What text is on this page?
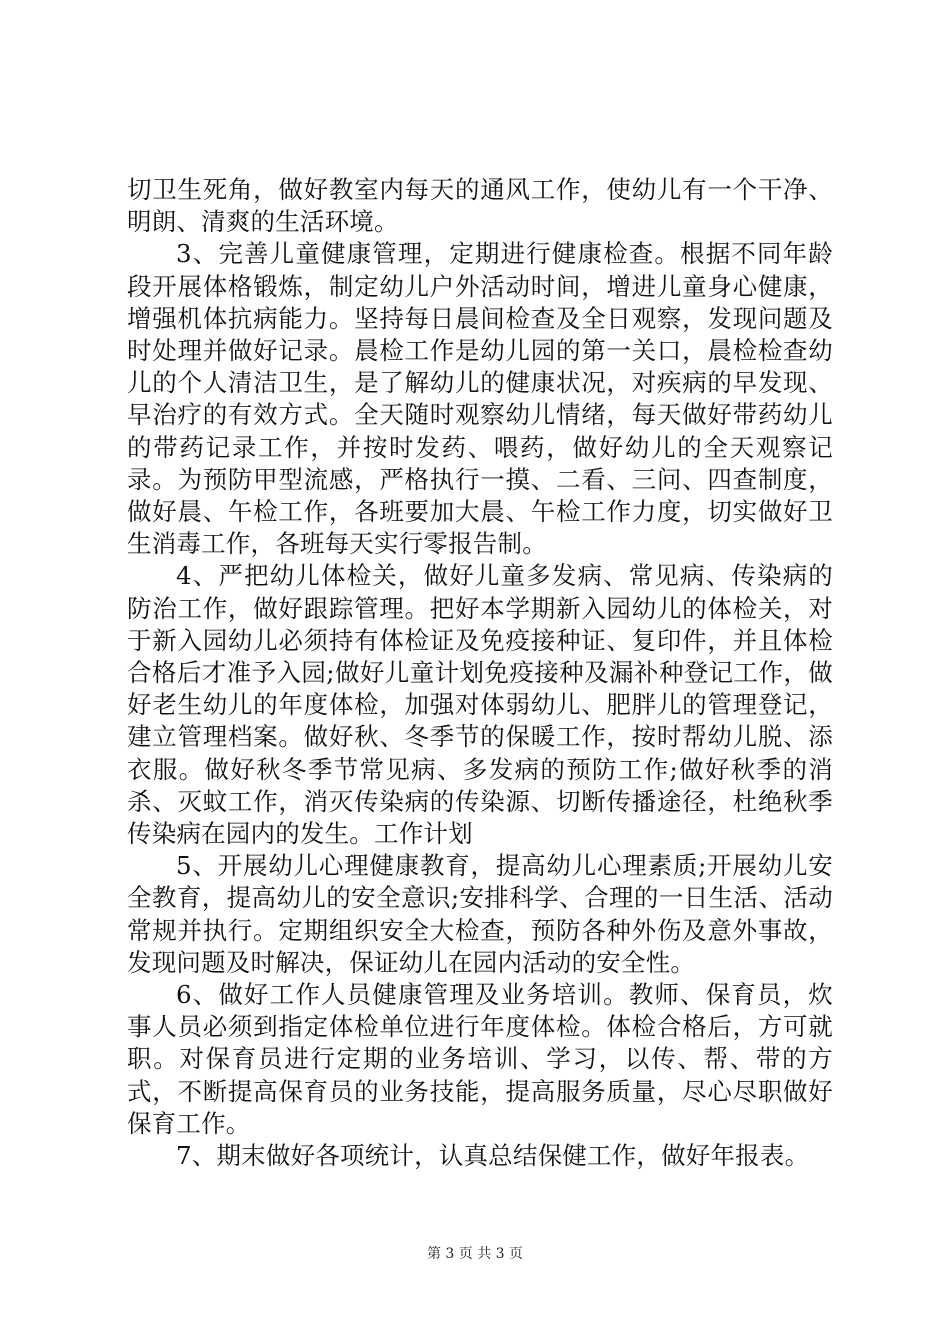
切卫生死角，做好教室内每天的通风工作，使幼儿有一个干净、明朗、清爽的生活环境。

3、完善儿童健康管理，定期进行健康检查。根据不同年龄段开展体格锻炼，制定幼儿户外活动时间，增进儿童身心健康，增强机体抗病能力。坚持每日晨间检查及全日观察，发现问题及时处理并做好记录。晨检工作是幼儿园的第一关口，晨检检查幼儿的个人清洁卫生，是了解幼儿的健康状况，对疾病的早发现、早治疗的有效方式。全天随时观察幼儿情绪，每天做好带药幼儿的带药记录工作，并按时发药、喂药，做好幼儿的全天观察记录。为预防甲型流感，严格执行一摸、二看、三问、四查制度，做好晨、午检工作，各班要加大晨、午检工作力度，切实做好卫生消毒工作，各班每天实行零报告制。

4、严把幼儿体检关，做好儿童多发病、常见病、传染病的防治工作，做好跟踪管理。把好本学期新入园幼儿的体检关，对于新入园幼儿必须持有体检证及免疫接种证、复印件，并且体检合格后才准予入园;做好儿童计划免疫接种及漏补种登记工作，做好老生幼儿的年度体检，加强对体弱幼儿、肥胖儿的管理登记，建立管理档案。做好秋、冬季节的保暖工作，按时帮幼儿脱、添衣服。做好秋冬季节常见病、多发病的预防工作;做好秋季的消杀、灭蚊工作，消灭传染病的传染源、切断传播途径，杜绝秋季传染病在园内的发生。工作计划

5、开展幼儿心理健康教育，提高幼儿心理素质;开展幼儿安全教育，提高幼儿的安全意识;安排科学、合理的一日生活、活动常规并执行。定期组织安全大检查，预防各种外伤及意外事故，发现问题及时解决，保证幼儿在园内活动的安全性。

6、做好工作人员健康管理及业务培训。教师、保育员，炊事人员必须到指定体检单位进行年度体检。体检合格后，方可就职。对保育员进行定期的业务培训、学习，以传、帮、带的方式，不断提高保育员的业务技能，提高服务质量，尽心尽职做好保育工作。

7、期末做好各项统计，认真总结保健工作，做好年报表。

第 3 页 共 3 页
